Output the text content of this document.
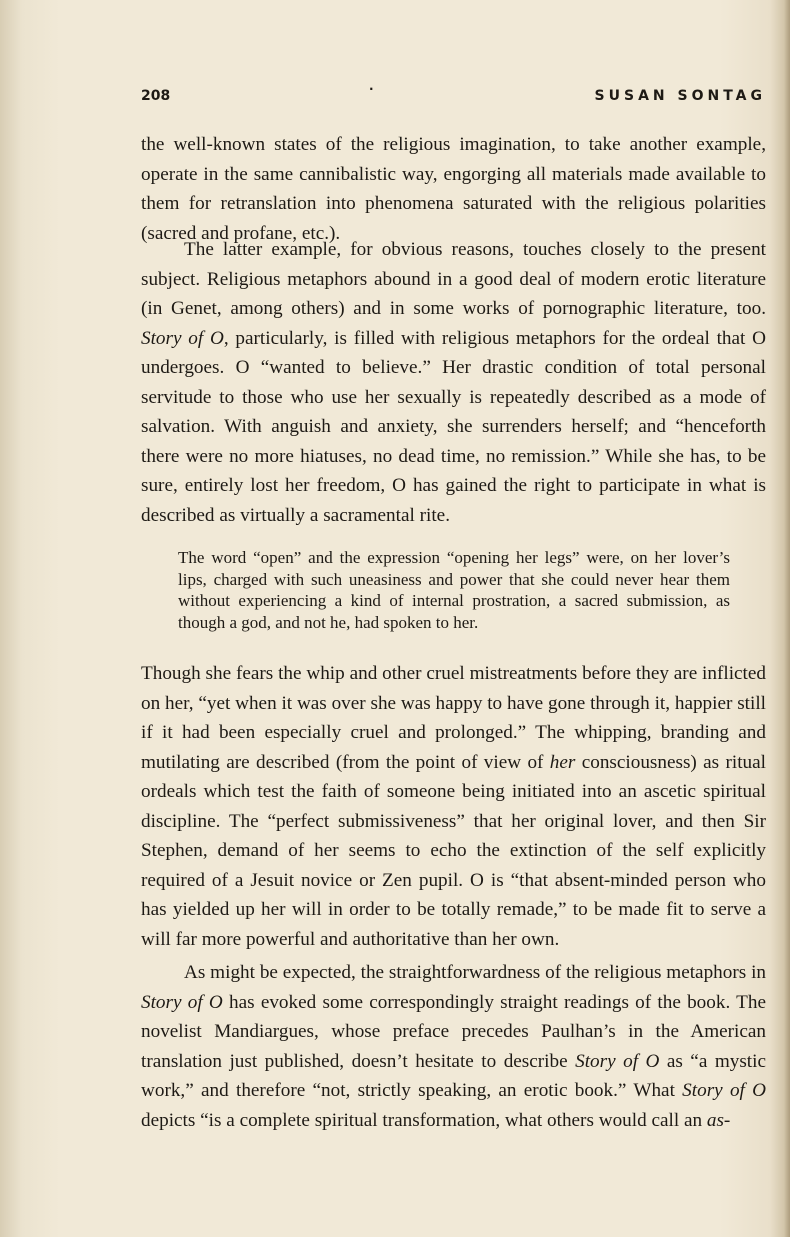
208	·	SUSAN SONTAG

the well-known states of the religious imagination, to take another example, operate in the same cannibalistic way, engorging all materials made available to them for retranslation into phenomena saturated with the religious polarities (sacred and profane, etc.).

The latter example, for obvious reasons, touches closely to the present subject. Religious metaphors abound in a good deal of modern erotic literature (in Genet, among others) and in some works of pornographic literature, too. Story of O, particularly, is filled with religious metaphors for the ordeal that O undergoes. O “wanted to believe.” Her drastic condition of total personal servitude to those who use her sexually is repeatedly described as a mode of salvation. With anguish and anxiety, she surrenders herself; and “henceforth there were no more hiatuses, no dead time, no remission.” While she has, to be sure, entirely lost her freedom, O has gained the right to participate in what is described as virtually a sacramental rite.

The word “open” and the expression “opening her legs” were, on her lover’s lips, charged with such uneasiness and power that she could never hear them without experiencing a kind of internal prostration, a sacred submission, as though a god, and not he, had spoken to her.

Though she fears the whip and other cruel mistreatments before they are inflicted on her, “yet when it was over she was happy to have gone through it, happier still if it had been especially cruel and prolonged.” The whipping, branding and mutilating are described (from the point of view of her consciousness) as ritual ordeals which test the faith of someone being initiated into an ascetic spiritual discipline. The “perfect submissiveness” that her original lover, and then Sir Stephen, demand of her seems to echo the extinction of the self explicitly required of a Jesuit novice or Zen pupil. O is “that absent-minded person who has yielded up her will in order to be totally remade,” to be made fit to serve a will far more powerful and authoritative than her own.

As might be expected, the straightforwardness of the religious metaphors in Story of O has evoked some correspondingly straight readings of the book. The novelist Mandiargues, whose preface precedes Paulhan’s in the American translation just published, doesn’t hesitate to describe Story of O as “a mystic work,” and therefore “not, strictly speaking, an erotic book.” What Story of O depicts “is a complete spiritual transformation, what others would call an as-
